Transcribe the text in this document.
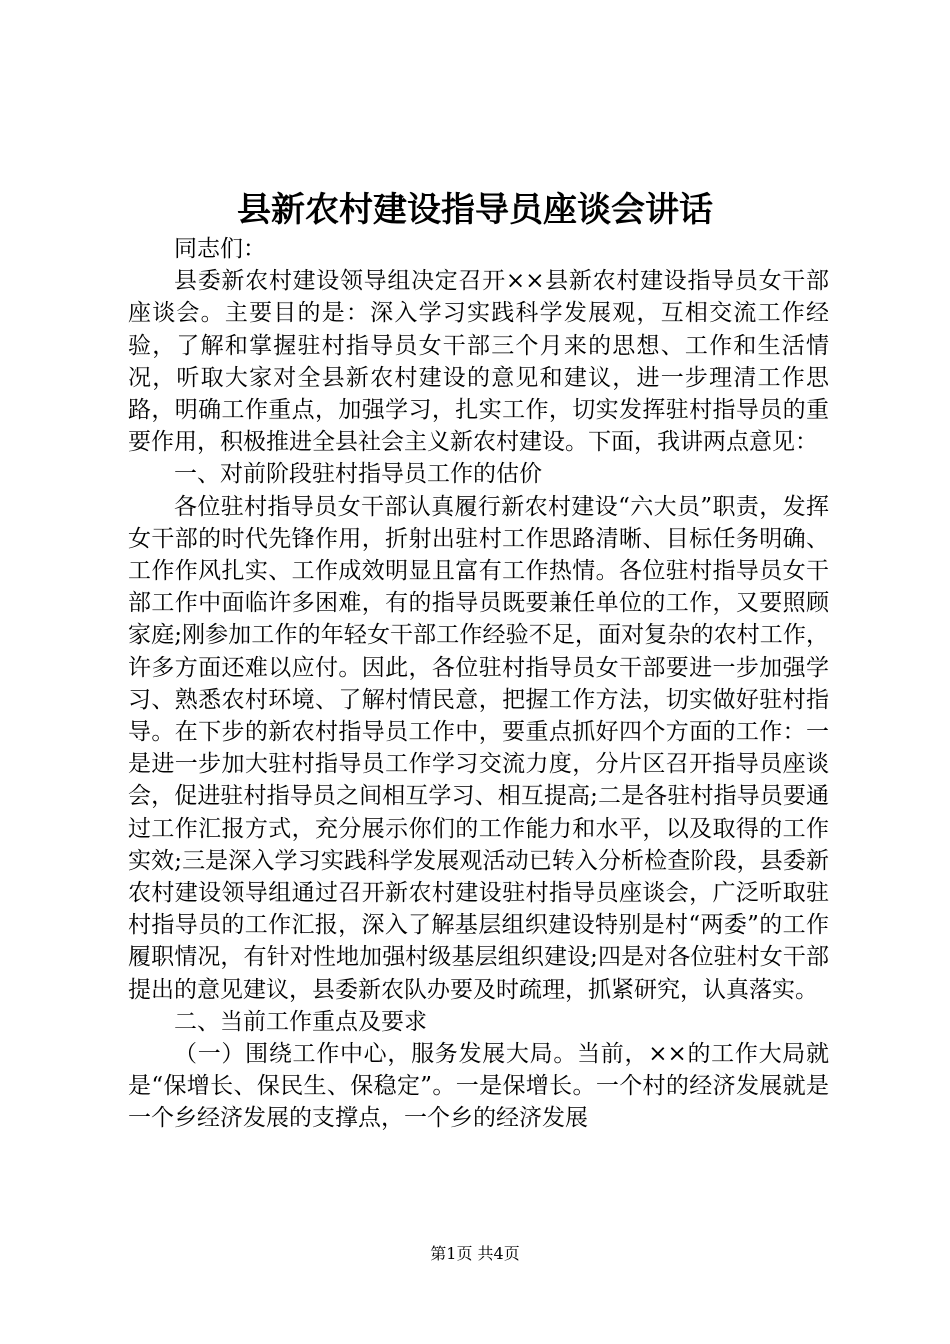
县新农村建设指导员座谈会讲话

同志们：

县委新农村建设领导组决定召开××县新农村建设指导员女干部座谈会。主要目的是：深入学习实践科学发展观，互相交流工作经验，了解和掌握驻村指导员女干部三个月来的思想、工作和生活情况，听取大家对全县新农村建设的意见和建议，进一步理清工作思路，明确工作重点，加强学习，扎实工作，切实发挥驻村指导员的重要作用，积极推进全县社会主义新农村建设。下面，我讲两点意见：

一、对前阶段驻村指导员工作的估价

各位驻村指导员女干部认真履行新农村建设“六大员”职责，发挥女干部的时代先锋作用，折射出驻村工作思路清晰、目标任务明确、工作作风扎实、工作成效明显且富有工作热情。各位驻村指导员女干部工作中面临许多困难，有的指导员既要兼任单位的工作，又要照顾家庭;刚参加工作的年轻女干部工作经验不足，面对复杂的农村工作，许多方面还难以应付。因此，各位驻村指导员女干部要进一步加强学习、熟悉农村环境、了解村情民意，把握工作方法，切实做好驻村指导。在下步的新农村指导员工作中，要重点抓好四个方面的工作：一是进一步加大驻村指导员工作学习交流力度，分片区召开指导员座谈会，促进驻村指导员之间相互学习、相互提高;二是各驻村指导员要通过工作汇报方式，充分展示你们的工作能力和水平，以及取得的工作实效;三是深入学习实践科学发展观活动已转入分析检查阶段，县委新农村建设领导组通过召开新农村建设驻村指导员座谈会，广泛听取驻村指导员的工作汇报，深入了解基层组织建设特别是村“两委”的工作履职情况，有针对性地加强村级基层组织建设;四是对各位驻村女干部提出的意见建议，县委新农队办要及时疏理，抓紧研究，认真落实。

二、当前工作重点及要求

（一）围绕工作中心，服务发展大局。当前，××的工作大局就是“保增长、保民生、保稳定”。一是保增长。一个村的经济发展就是一个乡经济发展的支撑点，一个乡的经济发展

第1页 共4页
